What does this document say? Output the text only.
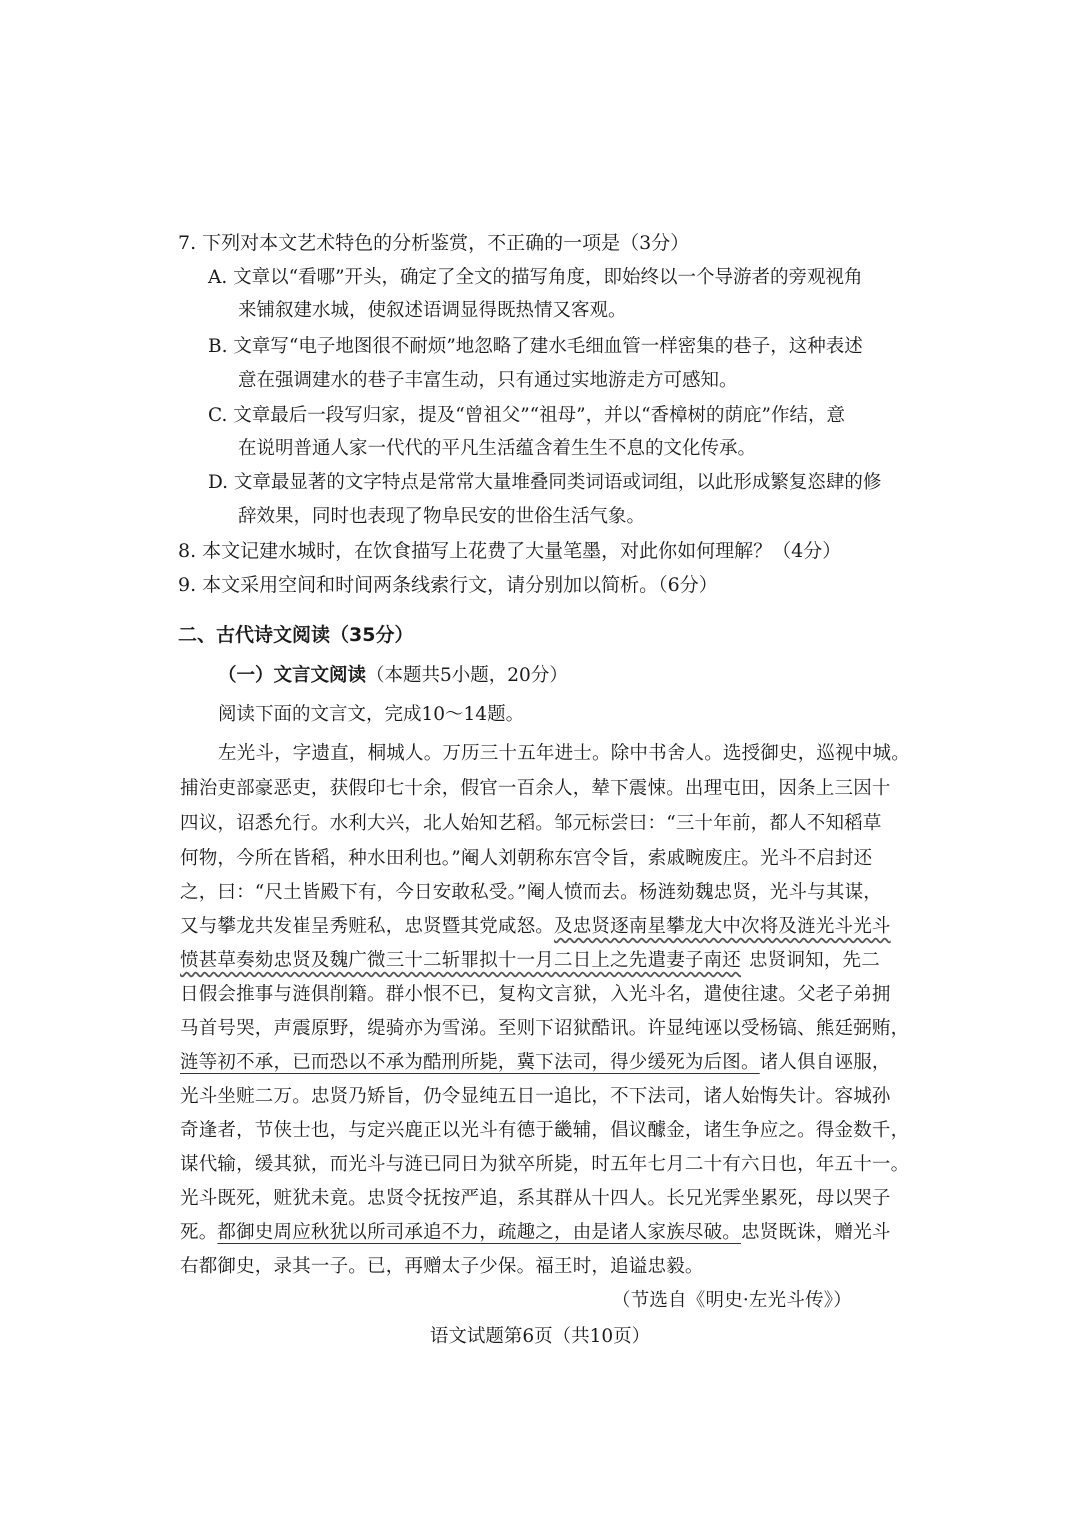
7. 下列对本文艺术特色的分析鉴赏，不正确的一项是（3分）
A. 文章以“看哪”开头，确定了全文的描写角度，即始终以一个导游者的旁观视角
来铺叙建水城，使叙述语调显得既热情又客观。
B. 文章写“电子地图很不耐烦”地忽略了建水毛细血管一样密集的巷子，这种表述
意在强调建水的巷子丰富生动，只有通过实地游走方可感知。
C. 文章最后一段写归家，提及“曾祖父”“祖母”，并以“香樟树的荫庇”作结，意
在说明普通人家一代代的平凡生活蕴含着生生不息的文化传承。
D. 文章最显著的文字特点是常常大量堆叠同类词语或词组，以此形成繁复恣肆的修
辞效果，同时也表现了物阜民安的世俗生活气象。
8. 本文记建水城时，在饮食描写上花费了大量笔墨，对此你如何理解？（4分）
9. 本文采用空间和时间两条线索行文，请分别加以简析。（6分）
二、古代诗文阅读（35分）
（一）文言文阅读（本题共5小题，20分）
阅读下面的文言文，完成10～14题。
左光斗，字遗直，桐城人。万历三十五年进士。除中书舍人。选授御史，巡视中城。
捕治吏部豪恶吏，获假印七十余，假官一百余人，辇下震悚。出理屯田，因条上三因十
四议，诏悉允行。水利大兴，北人始知艺稻。邹元标尝曰：“三十年前，都人不知稻草
何物，今所在皆稻，种水田利也。”阉人刘朝称东宫令旨，索戚畹废庄。光斗不启封还
之，曰：“尺土皆殿下有，今日安敢私受。”阉人愤而去。杨涟劾魏忠贤，光斗与其谋，
又与攀龙共发崔呈秀赃私，忠贤暨其党咸怒。及忠贤逐南星攀龙大中次将及涟光斗光斗
愤甚草奏劾忠贤及魏广微三十二斩罪拟十一月二日上之先遣妻子南还 忠贤诇知，先二
日假会推事与涟俱削籍。群小恨不已，复构文言狱，入光斗名，遣使往逮。父老子弟拥
马首号哭，声震原野，缇骑亦为雪涕。至则下诏狱酷讯。许显纯诬以受杨镐、熊廷弼贿，
涟等初不承，已而恐以不承为酷刑所毙，冀下法司，得少缓死为后图。诸人俱自诬服，
光斗坐赃二万。忠贤乃矫旨，仍令显纯五日一追比，不下法司，诸人始悔失计。容城孙
奇逢者，节侠士也，与定兴鹿正以光斗有德于畿辅，倡议醵金，诸生争应之。得金数千，
谋代输，缓其狱，而光斗与涟已同日为狱卒所毙，时五年七月二十有六日也，年五十一。
光斗既死，赃犹未竟。忠贤令抚按严追，系其群从十四人。长兄光霁坐累死，母以哭子
死。都御史周应秋犹以所司承追不力，疏趣之，由是诸人家族尽破。忠贤既诛，赠光斗
右都御史，录其一子。已，再赠太子少保。福王时，追谥忠毅。
（节选自《明史·左光斗传》）
语文试题第6页（共10页）
